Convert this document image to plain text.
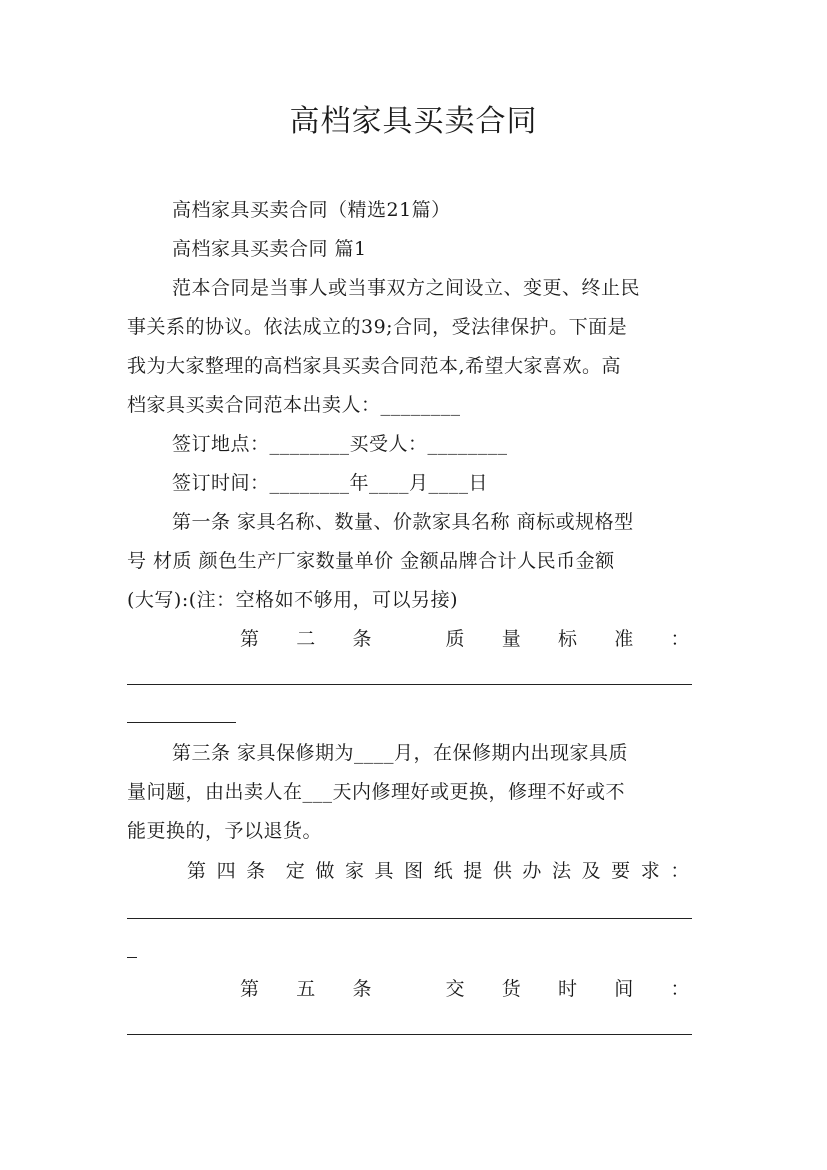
高档家具买卖合同
高档家具买卖合同（精选21篇）
高档家具买卖合同 篇1
范本合同是当事人或当事双方之间设立、变更、终止民
事关系的协议。依法成立的39;合同，受法律保护。下面是
我为大家整理的高档家具买卖合同范本,希望大家喜欢。高
档家具买卖合同范本出卖人：________
签订地点：________买受人：________
签订时间：________年____月____日
第一条 家具名称、数量、价款家具名称 商标或规格型
号 材质 颜色生产厂家数量单价 金额品牌合计人民币金额
(大写):(注：空格如不够用，可以另接)
第 二 条	质 量 标 准 ：
第三条 家具保修期为____月，在保修期内出现家具质
量问题，由出卖人在___天内修理好或更换，修理不好或不
能更换的，予以退货。
第 四 条 定 做 家 具 图 纸 提 供 办 法 及 要 求 ：
第 五 条	交 货 时 间 ：
